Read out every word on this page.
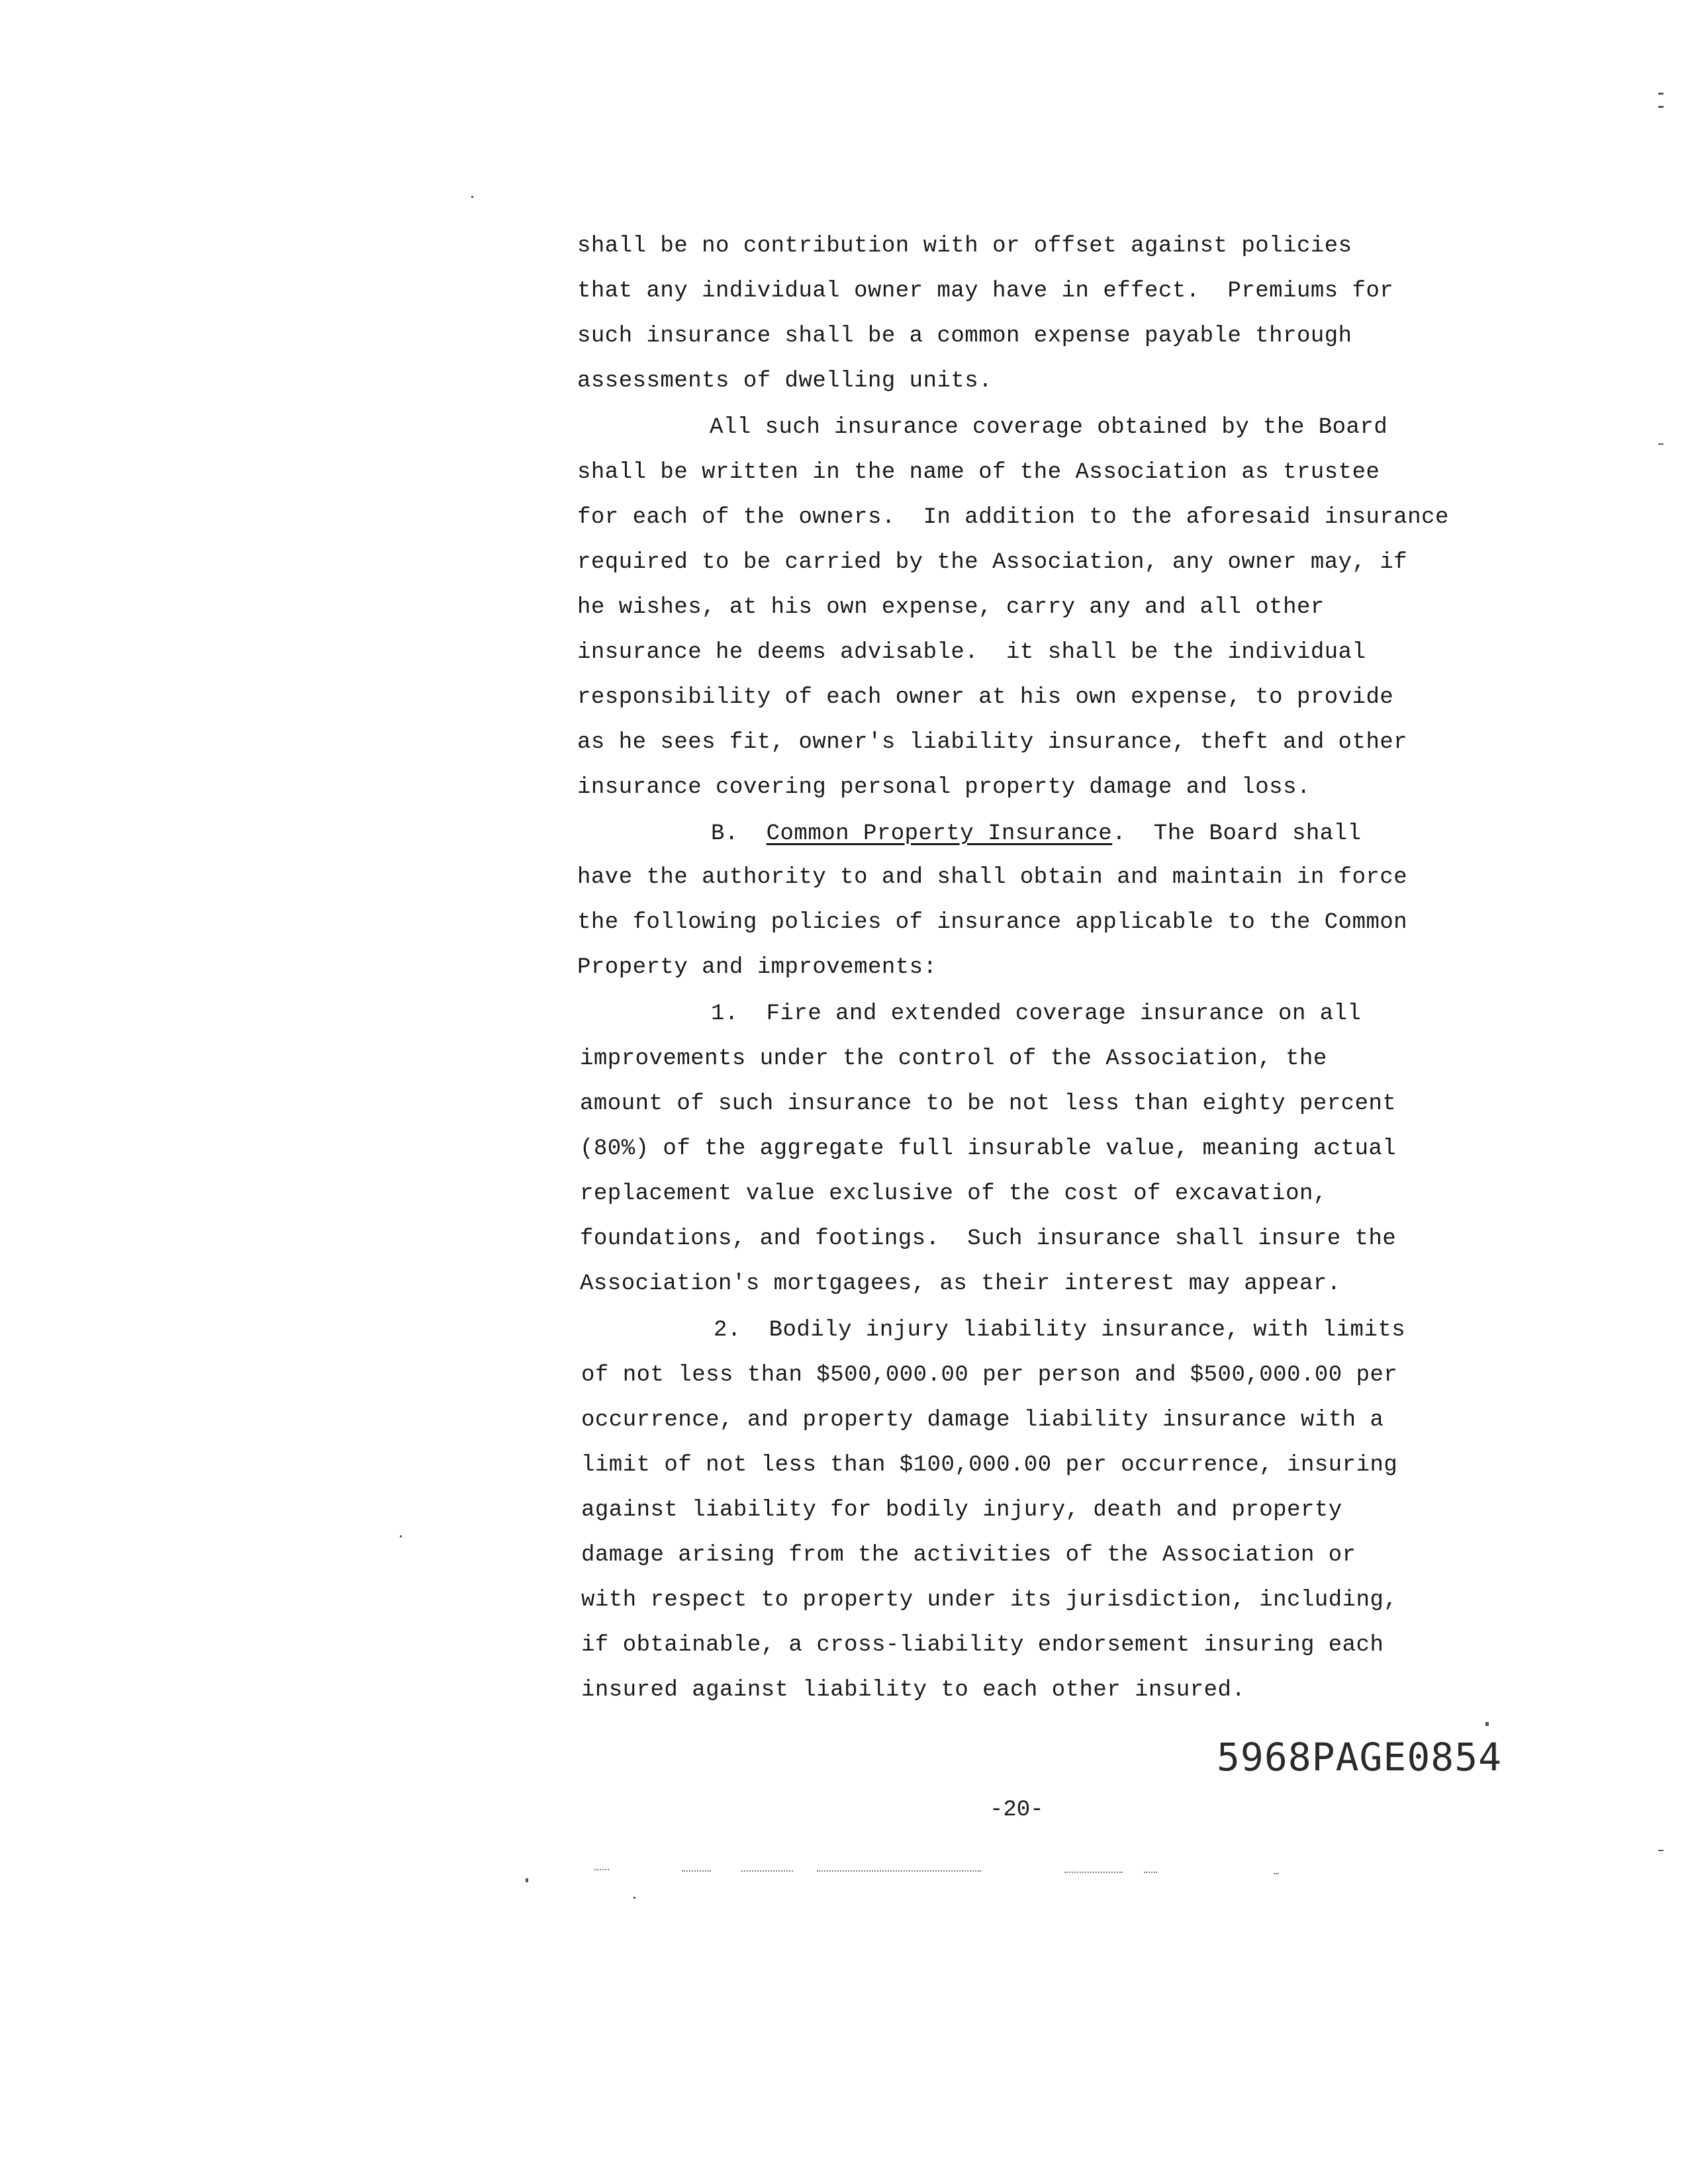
shall be no contribution with or offset against policies
that any individual owner may have in effect.  Premiums for
such insurance shall be a common expense payable through
assessments of dwelling units.
All such insurance coverage obtained by the Board
shall be written in the name of the Association as trustee
for each of the owners.  In addition to the aforesaid insurance
required to be carried by the Association, any owner may, if
he wishes, at his own expense, carry any and all other
insurance he deems advisable.  it shall be the individual
responsibility of each owner at his own expense, to provide
as he sees fit, owner's liability insurance, theft and other
insurance covering personal property damage and loss.
B. Common Property Insurance.  The Board shall
have the authority to and shall obtain and maintain in force
the following policies of insurance applicable to the Common
Property and improvements:
1.  Fire and extended coverage insurance on all
improvements under the control of the Association, the
amount of such insurance to be not less than eighty percent
(80%) of the aggregate full insurable value, meaning actual
replacement value exclusive of the cost of excavation,
foundations, and footings.  Such insurance shall insure the
Association's mortgagees, as their interest may appear.
2.  Bodily injury liability insurance, with limits
of not less than $500,000.00 per person and $500,000.00 per
occurrence, and property damage liability insurance with a
limit of not less than $100,000.00 per occurrence, insuring
against liability for bodily injury, death and property
damage arising from the activities of the Association or
with respect to property under its jurisdiction, including,
if obtainable, a cross-liability endorsement insuring each
insured against liability to each other insured.
5968PAGE0854
-20-
